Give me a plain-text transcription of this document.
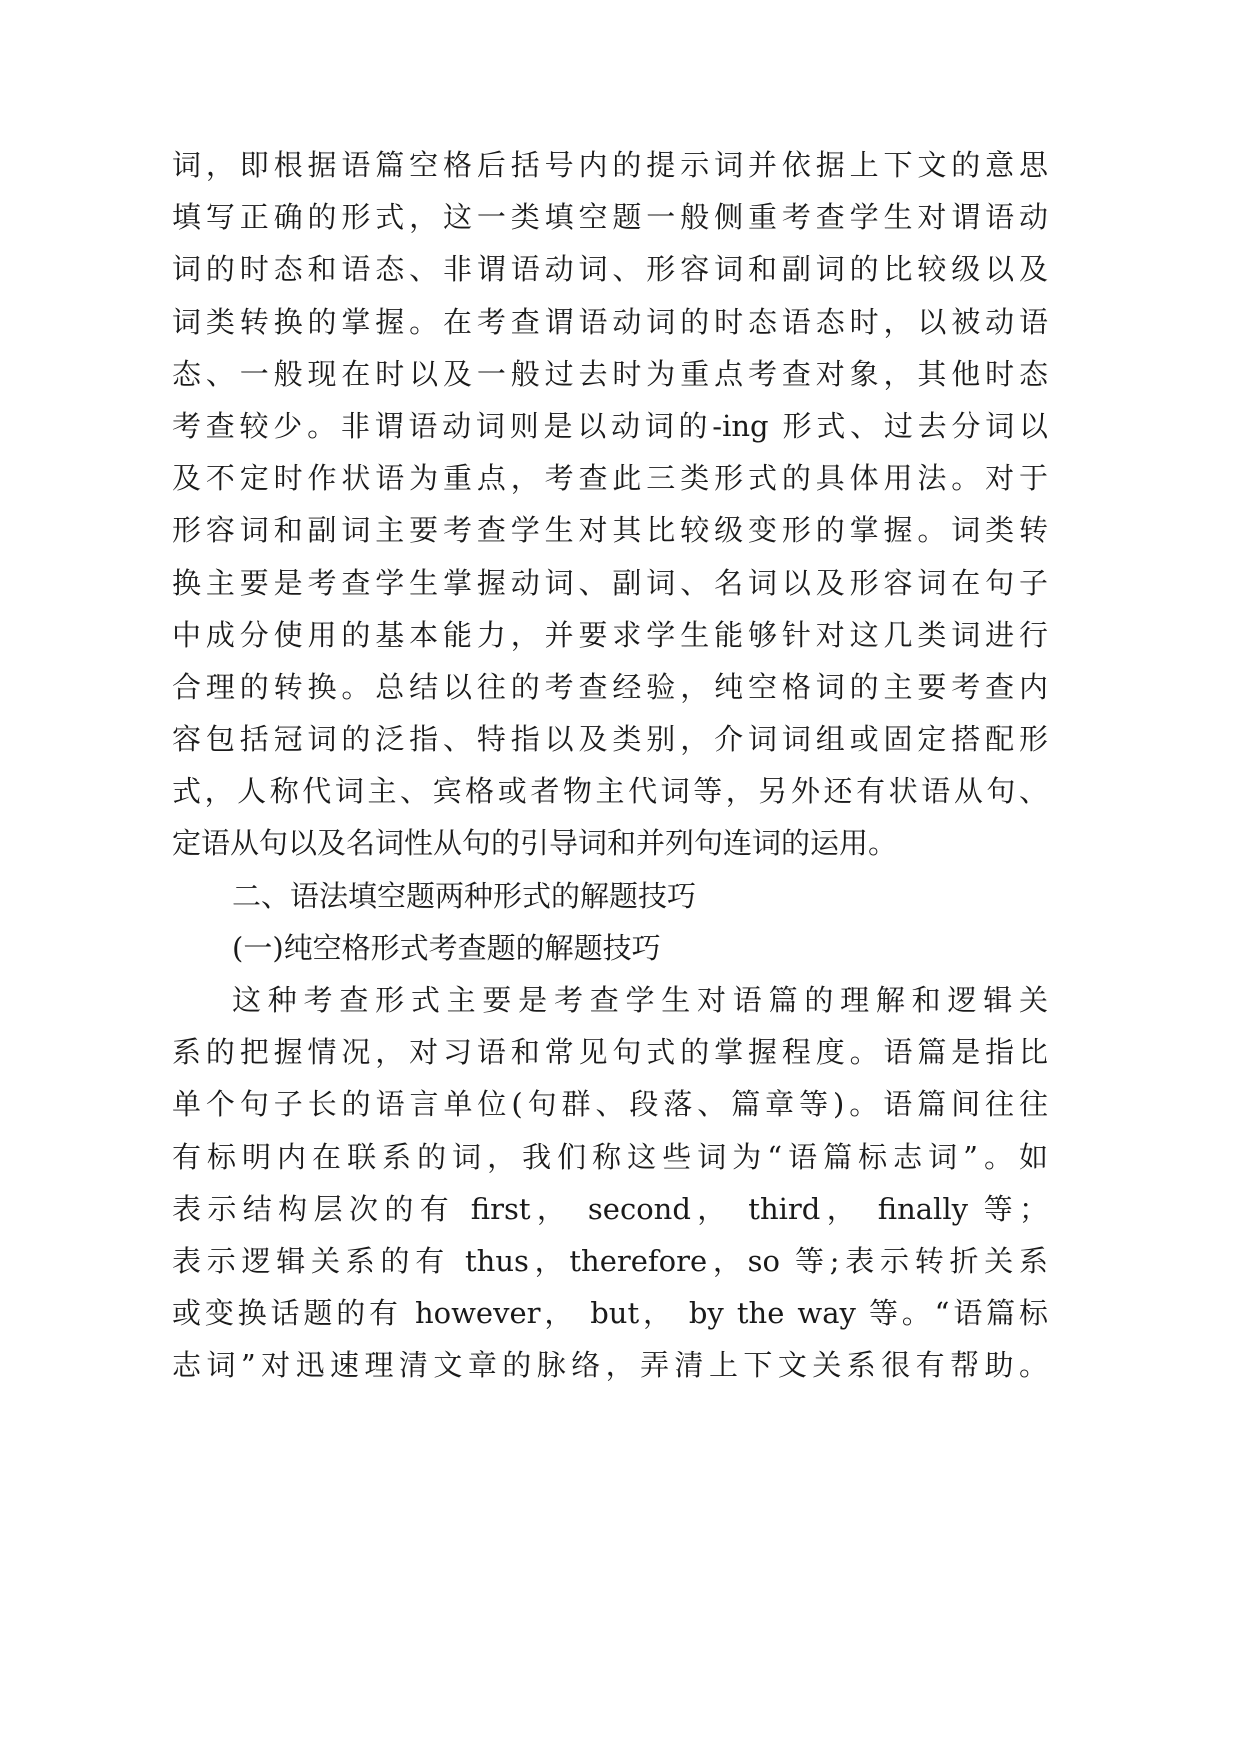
词，即根据语篇空格后括号内的提示词并依据上下文的意思
填写正确的形式，这一类填空题一般侧重考查学生对谓语动
词的时态和语态、非谓语动词、形容词和副词的比较级以及
词类转换的掌握。在考查谓语动词的时态语态时，以被动语
态、一般现在时以及一般过去时为重点考查对象，其他时态
考查较少。非谓语动词则是以动词的-ing 形式、过去分词以
及不定时作状语为重点，考查此三类形式的具体用法。对于
形容词和副词主要考查学生对其比较级变形的掌握。词类转
换主要是考查学生掌握动词、副词、名词以及形容词在句子
中成分使用的基本能力，并要求学生能够针对这几类词进行
合理的转换。总结以往的考查经验，纯空格词的主要考查内
容包括冠词的泛指、特指以及类别，介词词组或固定搭配形
式，人称代词主、宾格或者物主代词等，另外还有状语从句、
定语从句以及名词性从句的引导词和并列句连词的运用。
二、语法填空题两种形式的解题技巧
(一)纯空格形式考查题的解题技巧
这种考查形式主要是考查学生对语篇的理解和逻辑关
系的把握情况，对习语和常见句式的掌握程度。语篇是指比
单个句子长的语言单位(句群、段落、篇章等)。语篇间往往
有标明内在联系的词，我们称这些词为“语篇标志词”。如
表示结构层次的有 first， second， third， finally 等；
表示逻辑关系的有 thus，therefore，so 等;表示转折关系
或变换话题的有 however， but， by the way 等。“语篇标
志词”对迅速理清文章的脉络，弄清上下文关系很有帮助。
